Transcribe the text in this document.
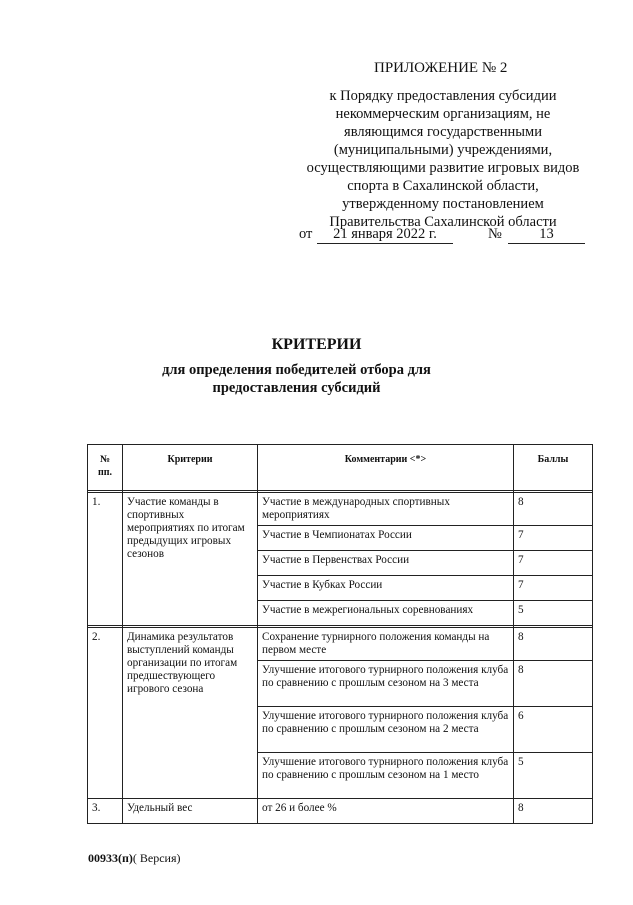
ПРИЛОЖЕНИЕ № 2
к Порядку предоставления субсидии
некоммерческим организациям, не
являющимся государственными
(муниципальными) учреждениями,
осуществляющими развитие игровых видов
спорта в Сахалинской области,
утвержденному постановлением
Правительства Сахалинской области
от	21 января 2022 г.	№	13
КРИТЕРИИ
для определения победителей отбора для
предоставления субсидий
№
пп.	Критерии	Комментарии <*>	Баллы

1.	Участие команды в спортивных мероприятиях по итогам предыдущих игровых сезонов	Участие в международных спортивных мероприятиях	8
		Участие в Чемпионатах России	7
		Участие в Первенствах России	7
		Участие в Кубках России	7
		Участие в межрегиональных соревнованиях	5

2.	Динамика результатов выступлений команды организации по итогам предшествующего игрового сезона	Сохранение турнирного положения команды на первом месте	8
		Улучшение итогового турнирного положения клуба по сравнению с прошлым сезоном на 3 места	8
		Улучшение итогового турнирного положения клуба по сравнению с прошлым сезоном на 2 места	6
		Улучшение итогового турнирного положения клуба по сравнению с прошлым сезоном на 1 место	5
3.	Удельный вес	от 26 и более %	8
00933(п)( Версия)
